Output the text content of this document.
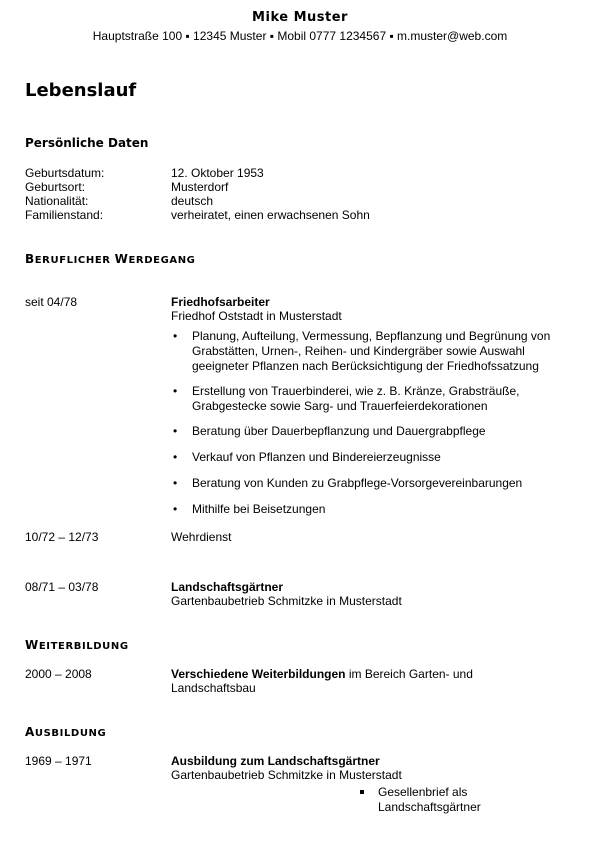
Mike Muster
Hauptstraße 100 ▪ 12345 Muster ▪ Mobil 0777 1234567 ▪ m.muster@web.com
Lebenslauf
Persönliche Daten
Geburtsdatum:	12. Oktober 1953
Geburtsort:	Musterdorf
Nationalität:	deutsch
Familienstand:	verheiratet, einen erwachsenen Sohn
BERUFLICHER WERDEGANG
seit 04/78	Friedhofsarbeiter
Friedhof Oststadt in Musterstadt
• Planung, Aufteilung, Vermessung, Bepflanzung und Begrünung von Grabstätten, Urnen-, Reihen- und Kindergräber sowie Auswahl geeigneter Pflanzen nach Berücksichtigung der Friedhofssatzung
• Erstellung von Trauerbinderei, wie z. B. Kränze, Grabsträuße, Grabgestecke sowie Sarg- und Trauerfeierdekorationen
• Beratung über Dauerbepflanzung und Dauergrabpflege
• Verkauf von Pflanzen und Bindereierzeugnisse
• Beratung von Kunden zu Grabpflege-Vorsorgevereinbarungen
• Mithilfe bei Beisetzungen
10/72 – 12/73	Wehrdienst
08/71 – 03/78	Landschaftsgärtner
Gartenbaubetrieb Schmitzke in Musterstadt
WEITERBILDUNG
2000 – 2008	Verschiedene Weiterbildungen im Bereich Garten- und
Landschaftsbau
AUSBILDUNG
1969 – 1971	Ausbildung zum Landschaftsgärtner
Gartenbaubetrieb Schmitzke in Musterstadt
Gesellenbrief als Landschaftsgärtner
